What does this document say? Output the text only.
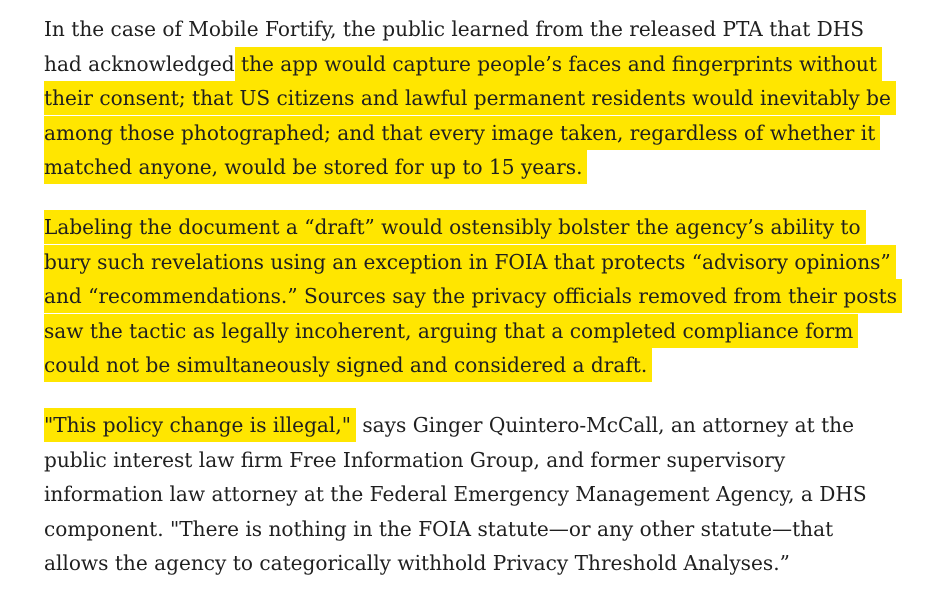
In the case of Mobile Fortify, the public learned from the released PTA that DHS
had acknowledged the app would capture people’s faces and fingerprints without
their consent; that US citizens and lawful permanent residents would inevitably be
among those photographed; and that every image taken, regardless of whether it
matched anyone, would be stored for up to 15 years.

Labeling the document a “draft” would ostensibly bolster the agency’s ability to
bury such revelations using an exception in FOIA that protects “advisory opinions”
and “recommendations.” Sources say the privacy officials removed from their posts
saw the tactic as legally incoherent, arguing that a completed compliance form
could not be simultaneously signed and considered a draft.

"This policy change is illegal," says Ginger Quintero-McCall, an attorney at the
public interest law firm Free Information Group, and former supervisory
information law attorney at the Federal Emergency Management Agency, a DHS
component. "There is nothing in the FOIA statute—or any other statute—that
allows the agency to categorically withhold Privacy Threshold Analyses.”
